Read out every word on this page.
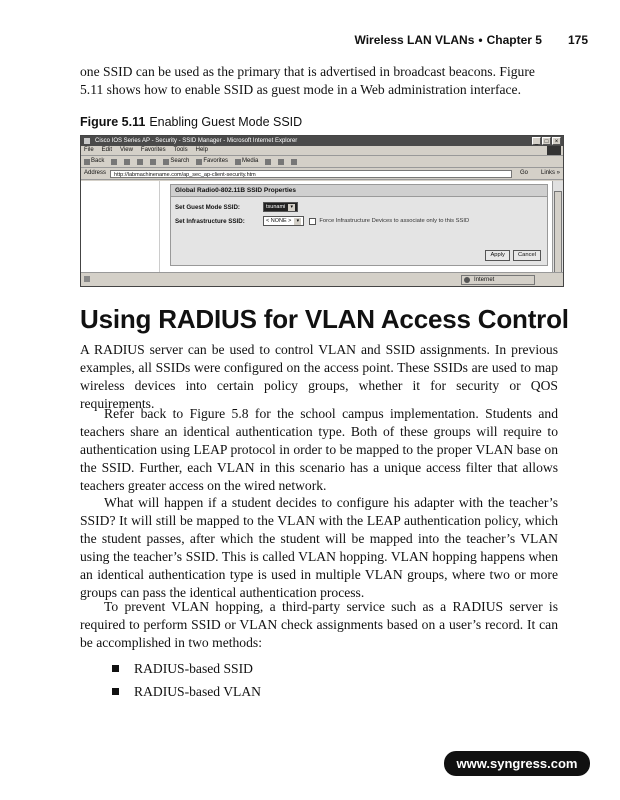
Wireless LAN VLANs • Chapter 5 175

one SSID can be used as the primary that is advertised in broadcast beacons. Figure 5.11 shows how to enable SSID as guest mode in a Web administration interface.

Figure 5.11 Enabling Guest Mode SSID
Cisco IOS Series AP - Security - SSID Manager - Microsoft Internet Explorer	_	□	×
File Edit View Favorites Tools Help
Back	Search Favorites Media
Address	http://labmachinename.com/ap_sec_ap-client-security.htm	Go Links »
Global Radio0-802.11B SSID Properties
Set Guest Mode SSID:	tsunami	▾
Set Infrastructure SSID:	< NONE >	▾	Force Infrastructure Devices to associate only to this SSID
Apply	Cancel
Internet
Using RADIUS for VLAN Access Control

A RADIUS server can be used to control VLAN and SSID assignments. In previous examples, all SSIDs were configured on the access point. These SSIDs are used to map wireless devices into certain policy groups, whether it for security or QOS requirements.

Refer back to Figure 5.8 for the school campus implementation. Students and teachers share an identical authentication type. Both of these groups will require to authentication using LEAP protocol in order to be mapped to the proper VLAN base on the SSID. Further, each VLAN in this scenario has a unique access filter that allows teachers greater access on the wired network.

What will happen if a student decides to configure his adapter with the teacher’s SSID? It will still be mapped to the VLAN with the LEAP authentication policy, which the student passes, after which the student will be mapped into the teacher’s VLAN using the teacher’s SSID. This is called VLAN hopping. VLAN hopping happens when an identical authentication type is used in multiple VLAN groups, where two or more groups can pass the identical authentication process.

To prevent VLAN hopping, a third-party service such as a RADIUS server is required to perform SSID or VLAN check assignments based on a user’s record. It can be accomplished in two methods:

RADIUS-based SSID
RADIUS-based VLAN
www.syngress.com
